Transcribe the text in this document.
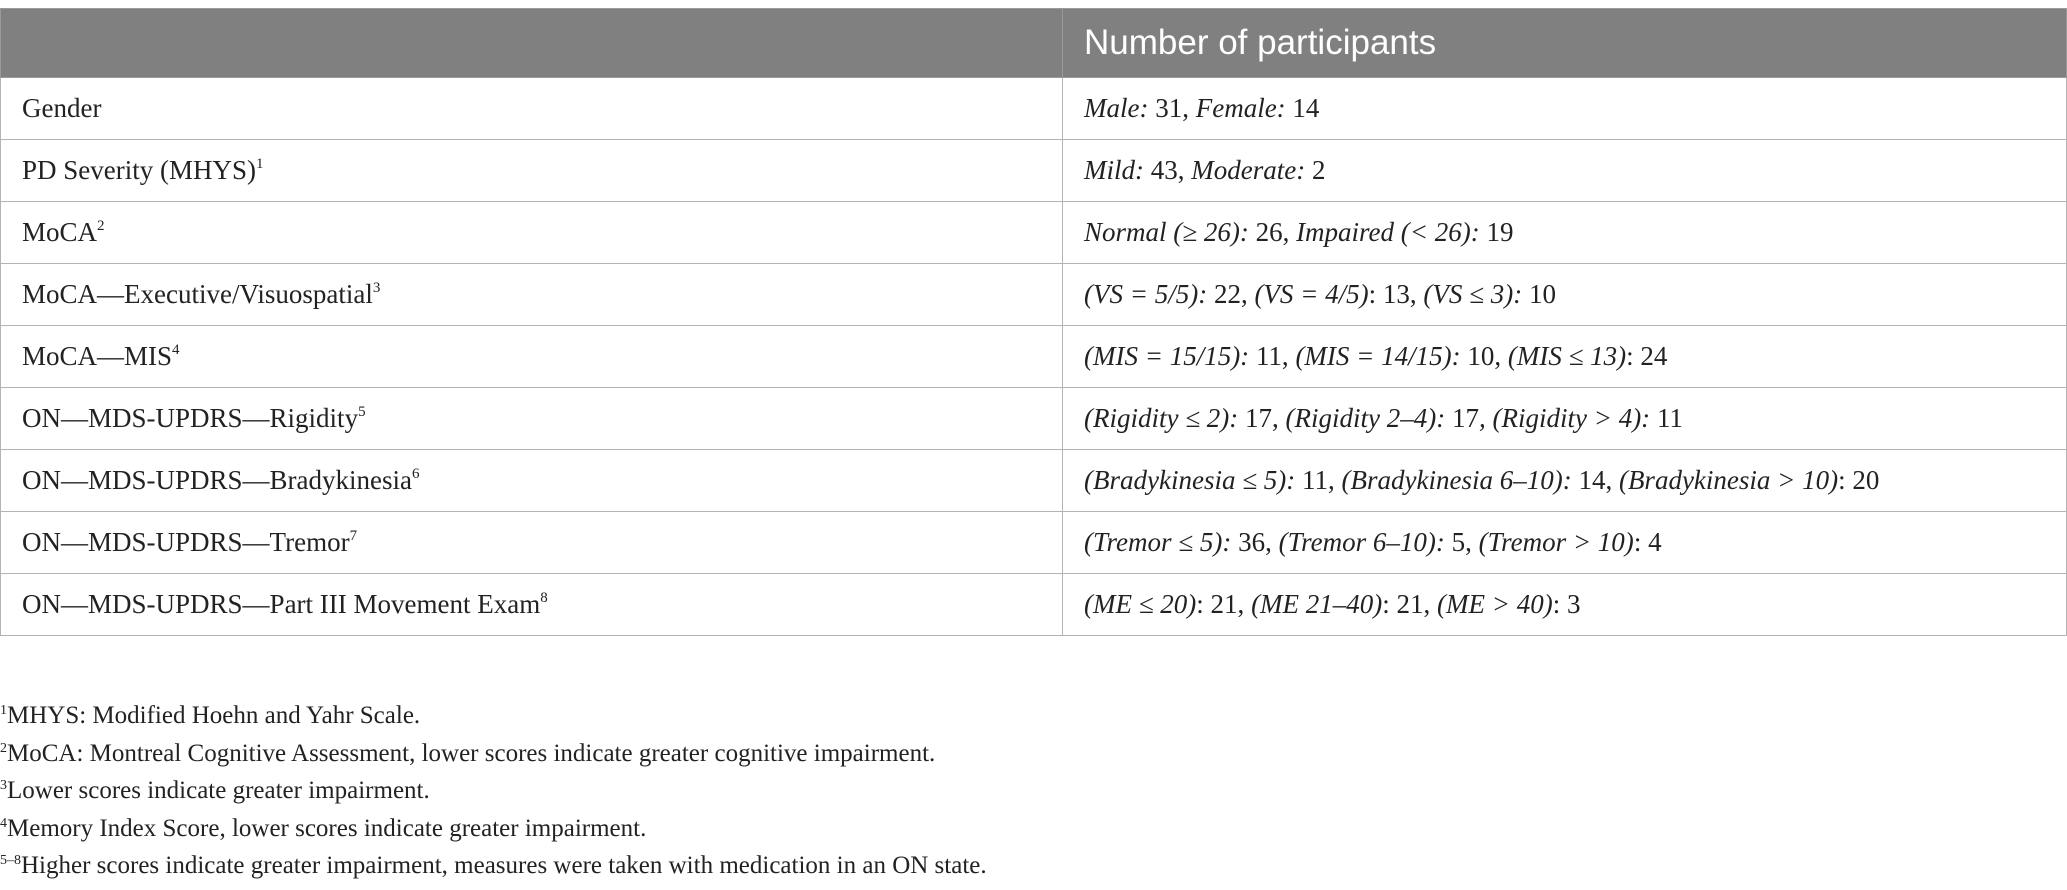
	Number of participants
Gender	Male: 31, Female: 14
PD Severity (MHYS)$^1$	Mild: 43, Moderate: 2
MoCA$^2$	Normal (≥ 26): 26, Impaired (< 26): 19
MoCA—Executive/Visuospatial$^3$	(VS = 5/5): 22, (VS = 4/5): 13, (VS ≤ 3): 10
MoCA—MIS$^4$	(MIS = 15/15): 11, (MIS = 14/15): 10, (MIS ≤ 13): 24
ON—MDS-UPDRS—Rigidity$^5$	(Rigidity ≤ 2): 17, (Rigidity 2–4): 17, (Rigidity > 4): 11
ON—MDS-UPDRS—Bradykinesia$^6$	(Bradykinesia ≤ 5): 11, (Bradykinesia 6–10): 14, (Bradykinesia > 10): 20
ON—MDS-UPDRS—Tremor$^7$	(Tremor ≤ 5): 36, (Tremor 6–10): 5, (Tremor > 10): 4
ON—MDS-UPDRS—Part III Movement Exam$^8$	(ME ≤ 20): 21, (ME 21–40): 21, (ME > 40): 3
$^1$MHYS: Modified Hoehn and Yahr Scale.
$^2$MoCA: Montreal Cognitive Assessment, lower scores indicate greater cognitive impairment.
$^3$Lower scores indicate greater impairment.
$^4$Memory Index Score, lower scores indicate greater impairment.
$^{5-8}$Higher scores indicate greater impairment, measures were taken with medication in an ON state.
